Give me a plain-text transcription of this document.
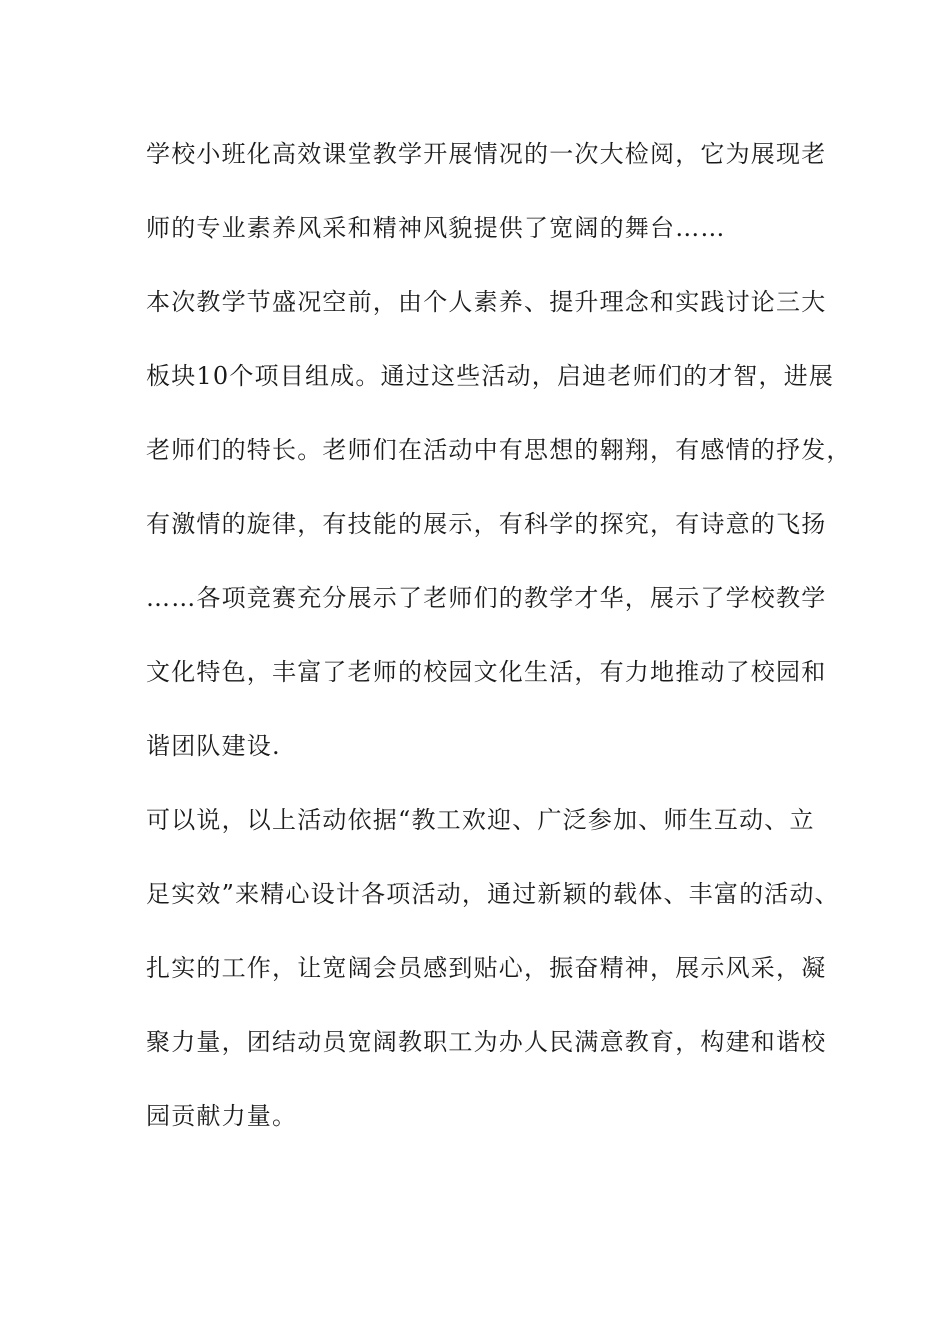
学校小班化高效课堂教学开展情况的一次大检阅，它为展现老
师的专业素养风采和精神风貌提供了宽阔的舞台……
本次教学节盛况空前，由个人素养、提升理念和实践讨论三大
板块10个项目组成。通过这些活动，启迪老师们的才智，进展
老师们的特长。老师们在活动中有思想的翱翔，有感情的抒发，
有激情的旋律，有技能的展示，有科学的探究，有诗意的飞扬
……各项竞赛充分展示了老师们的教学才华，展示了学校教学
文化特色，丰富了老师的校园文化生活，有力地推动了校园和
谐团队建设.
可以说，以上活动依据“教工欢迎、广泛参加、师生互动、立
足实效”来精心设计各项活动，通过新颖的载体、丰富的活动、
扎实的工作，让宽阔会员感到贴心，振奋精神，展示风采，凝
聚力量，团结动员宽阔教职工为办人民满意教育，构建和谐校
园贡献力量。
